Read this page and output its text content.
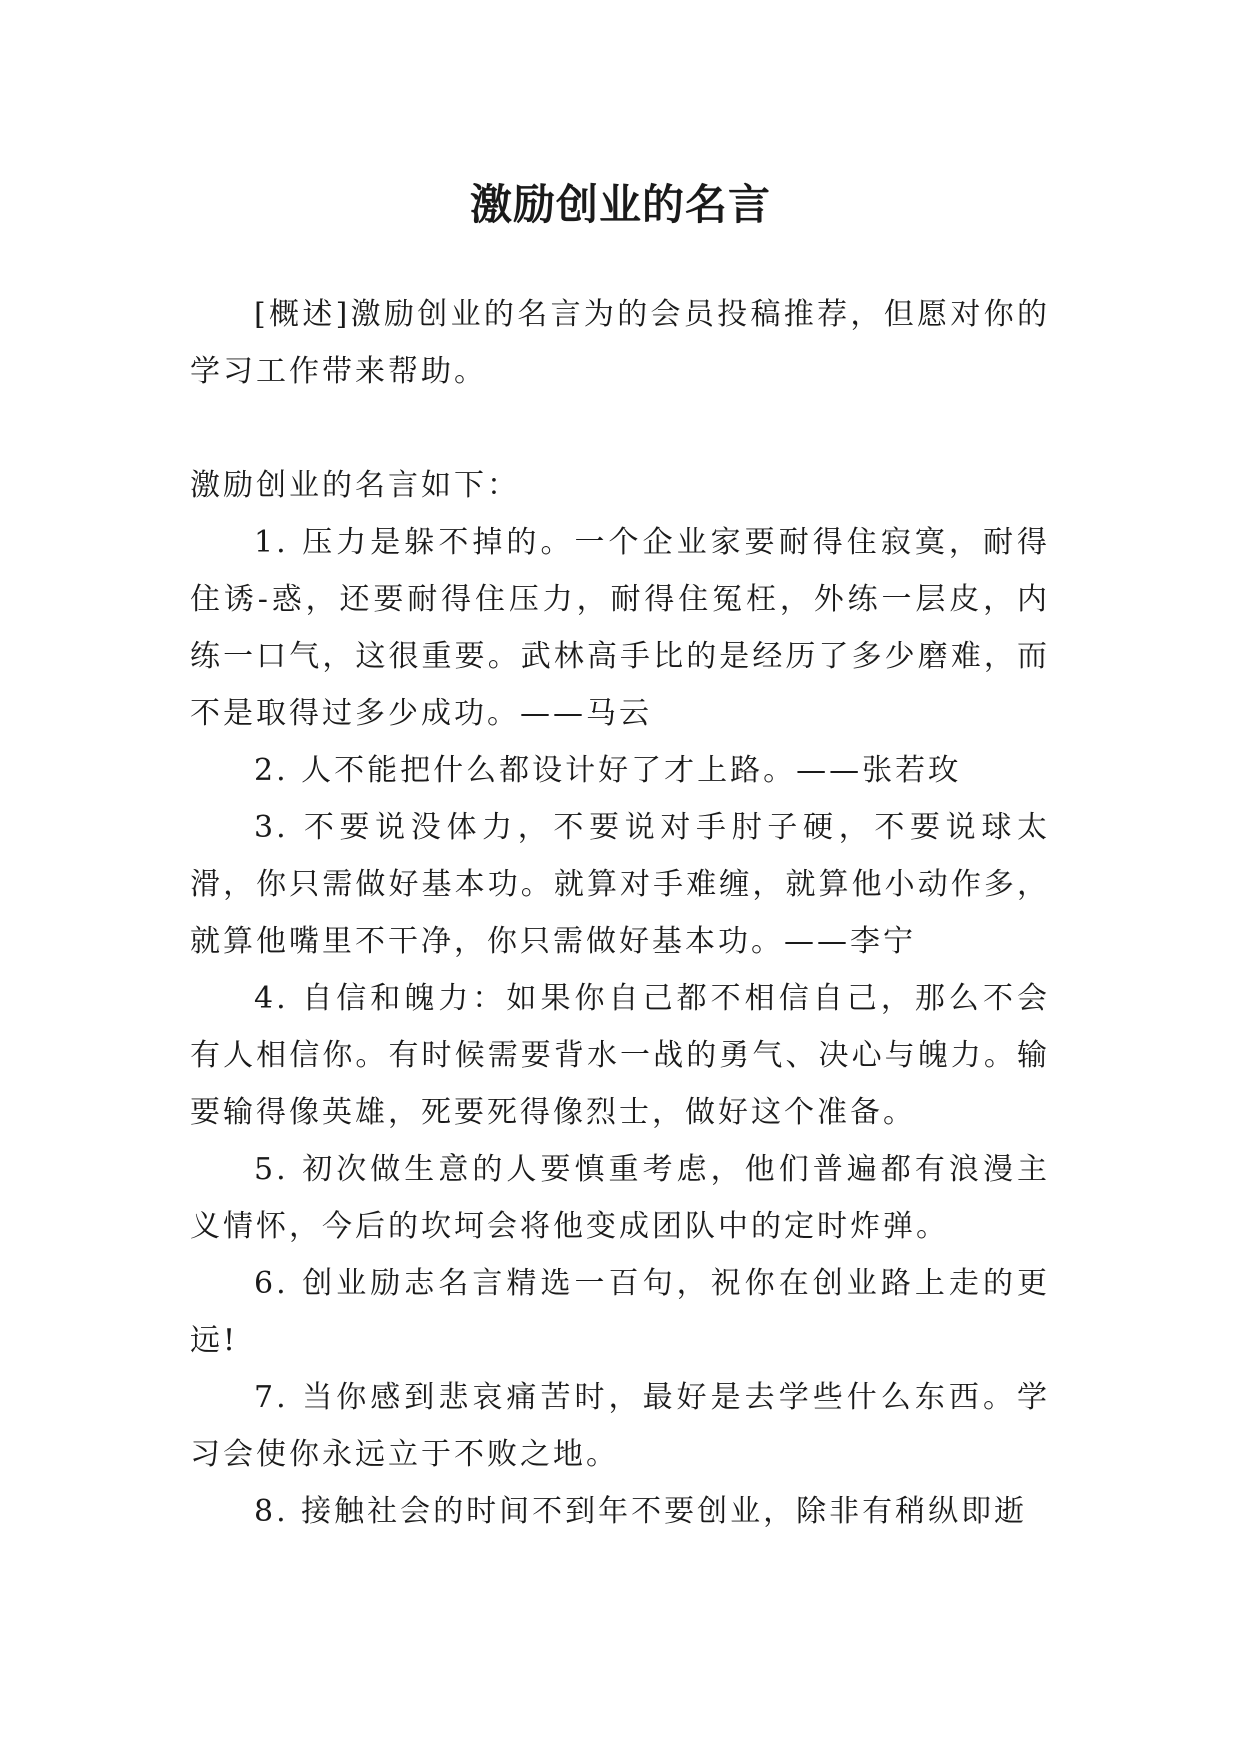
激励创业的名言

[概述]激励创业的名言为的会员投稿推荐，但愿对你的学习工作带来帮助。

激励创业的名言如下：

1. 压力是躲不掉的。一个企业家要耐得住寂寞，耐得住诱-惑，还要耐得住压力，耐得住冤枉，外练一层皮，内练一口气，这很重要。武林高手比的是经历了多少磨难，而不是取得过多少成功。——马云

2. 人不能把什么都设计好了才上路。——张若玫

3. 不要说没体力，不要说对手肘子硬，不要说球太滑，你只需做好基本功。就算对手难缠，就算他小动作多，就算他嘴里不干净，你只需做好基本功。——李宁

4. 自信和魄力：如果你自己都不相信自己，那么不会有人相信你。有时候需要背水一战的勇气、决心与魄力。输要输得像英雄，死要死得像烈士，做好这个准备。

5. 初次做生意的人要慎重考虑，他们普遍都有浪漫主义情怀，今后的坎坷会将他变成团队中的定时炸弹。

6. 创业励志名言精选一百句，祝你在创业路上走的更远!

7. 当你感到悲哀痛苦时，最好是去学些什么东西。学习会使你永远立于不败之地。

8. 接触社会的时间不到年不要创业，除非有稍纵即逝
